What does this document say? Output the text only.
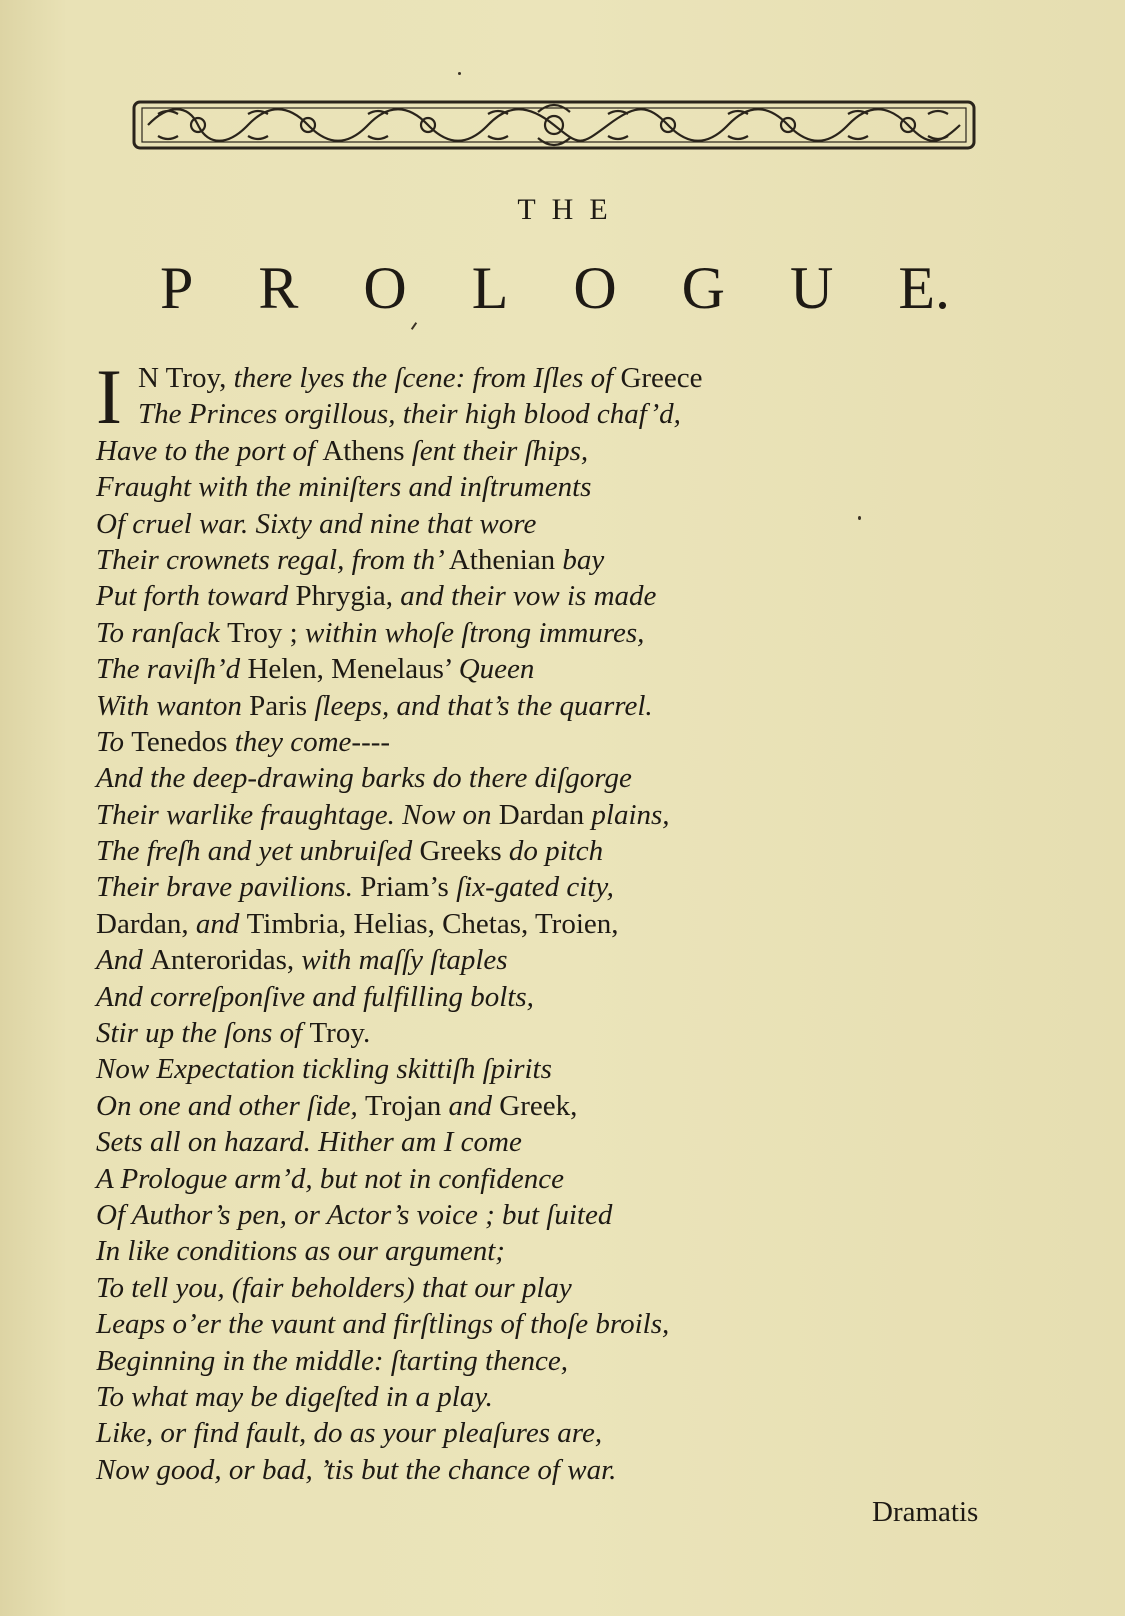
THE
P R O L O G U E.
I N Troy, there lyes the ſcene: from Iſles of Greece
The Princes orgillous, their high blood chaf’d,
Have to the port of Athens ſent their ſhips,
Fraught with the miniſters and inſtruments
Of cruel war. Sixty and nine that wore
Their crownets regal, from th’ Athenian bay
Put forth toward Phrygia, and their vow is made
To ranſack Troy ; within whoſe ſtrong immures,
The raviſh’d Helen, Menelaus’ Queen
With wanton Paris ſleeps, and that’s the quarrel.
To Tenedos they come----
And the deep-drawing barks do there diſgorge
Their warlike fraughtage. Now on Dardan plains,
The freſh and yet unbruiſed Greeks do pitch
Their brave pavilions. Priam’s ſix-gated city,
Dardan, and Timbria, Helias, Chetas, Troien,
And Anteroridas, with maſſy ſtaples
And correſponſive and fulfilling bolts,
Stir up the ſons of Troy.
Now Expectation tickling skittiſh ſpirits
On one and other ſide, Trojan and Greek,
Sets all on hazard. Hither am I come
A Prologue arm’d, but not in confidence
Of Author’s pen, or Actor’s voice ; but ſuited
In like conditions as our argument;
To tell you, (fair beholders) that our play
Leaps o’er the vaunt and firſtlings of thoſe broils,
Beginning in the middle: ſtarting thence,
To what may be digeſted in a play.
Like, or find fault, do as your pleaſures are,
Now good, or bad, ’tis but the chance of war.
Dramatis
